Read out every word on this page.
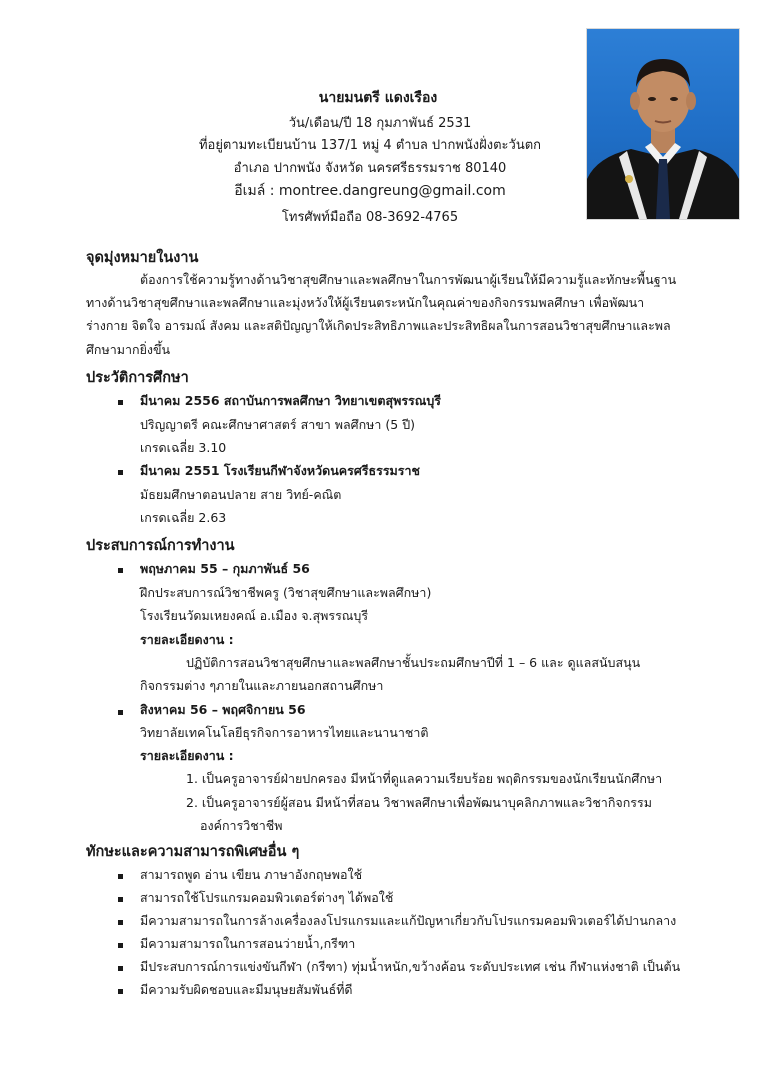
นายมนตรี แดงเรือง
วัน/เดือน/ปี 18 กุมภาพันธ์ 2531
ที่อยู่ตามทะเบียนบ้าน 137/1 หมู่ 4 ตำบล ปากพนังฝั่งตะวันตก
อำเภอ ปากพนัง จังหวัด นครศรีธรรมราช 80140
อีเมล์ : montree.dangreung@gmail.com
โทรศัพท์มือถือ 08-3692-4765
จุดมุ่งหมายในงาน
ต้องการใช้ความรู้ทางด้านวิชาสุขศึกษาและพลศึกษาในการพัฒนาผู้เรียนให้มีความรู้และทักษะพื้นฐาน
ทางด้านวิชาสุขศึกษาและพลศึกษาและมุ่งหวังให้ผู้เรียนตระหนักในคุณค่าของกิจกรรมพลศึกษา เพื่อพัฒนา
ร่างกาย จิตใจ อารมณ์ สังคม และสติปัญญาให้เกิดประสิทธิภาพและประสิทธิผลในการสอนวิชาสุขศึกษาและพล
ศึกษามากยิ่งขึ้น
ประวัติการศึกษา
มีนาคม 2556 สถาบันการพลศึกษา วิทยาเขตสุพรรณบุรี
ปริญญาตรี คณะศึกษาศาสตร์ สาขา พลศึกษา (5 ปี)
เกรดเฉลี่ย 3.10
มีนาคม 2551 โรงเรียนกีฬาจังหวัดนครศรีธรรมราช
มัธยมศึกษาตอนปลาย สาย วิทย์-คณิต
เกรดเฉลี่ย 2.63
ประสบการณ์การทำงาน
พฤษภาคม 55 – กุมภาพันธ์ 56
ฝึกประสบการณ์วิชาชีพครู (วิชาสุขศึกษาและพลศึกษา)
โรงเรียนวัดมเหยงคณ์ อ.เมือง จ.สุพรรณบุรี
รายละเอียดงาน :
ปฏิบัติการสอนวิชาสุขศึกษาและพลศึกษาชั้นประถมศึกษาปีที่ 1 – 6 และ ดูแลสนับสนุน
กิจกรรมต่าง ๆภายในและภายนอกสถานศึกษา
สิงหาคม 56 – พฤศจิกายน 56
วิทยาลัยเทคโนโลยีธุรกิจการอาหารไทยและนานาชาติ
รายละเอียดงาน :
1. เป็นครูอาจารย์ฝ่ายปกครอง มีหน้าที่ดูแลความเรียบร้อย พฤติกรรมของนักเรียนนักศึกษา
2. เป็นครูอาจารย์ผู้สอน มีหน้าที่สอน วิชาพลศึกษาเพื่อพัฒนาบุคลิกภาพและวิชากิจกรรม
องค์การวิชาชีพ
ทักษะและความสามารถพิเศษอื่น ๆ
สามารถพูด อ่าน เขียน ภาษาอังกฤษพอใช้
สามารถใช้โปรแกรมคอมพิวเตอร์ต่างๆ ได้พอใช้
มีความสามารถในการล้างเครื่องลงโปรแกรมและแก้ปัญหาเกี่ยวกับโปรแกรมคอมพิวเตอร์ได้ปานกลาง
มีความสามารถในการสอนว่ายน้ำ,กรีฑา
มีประสบการณ์การแข่งขันกีฬา (กรีฑา) ทุ่มน้ำหนัก,ขว้างค้อน ระดับประเทศ เช่น กีฬาแห่งชาติ เป็นต้น
มีความรับผิดชอบและมีมนุษยสัมพันธ์ที่ดี
